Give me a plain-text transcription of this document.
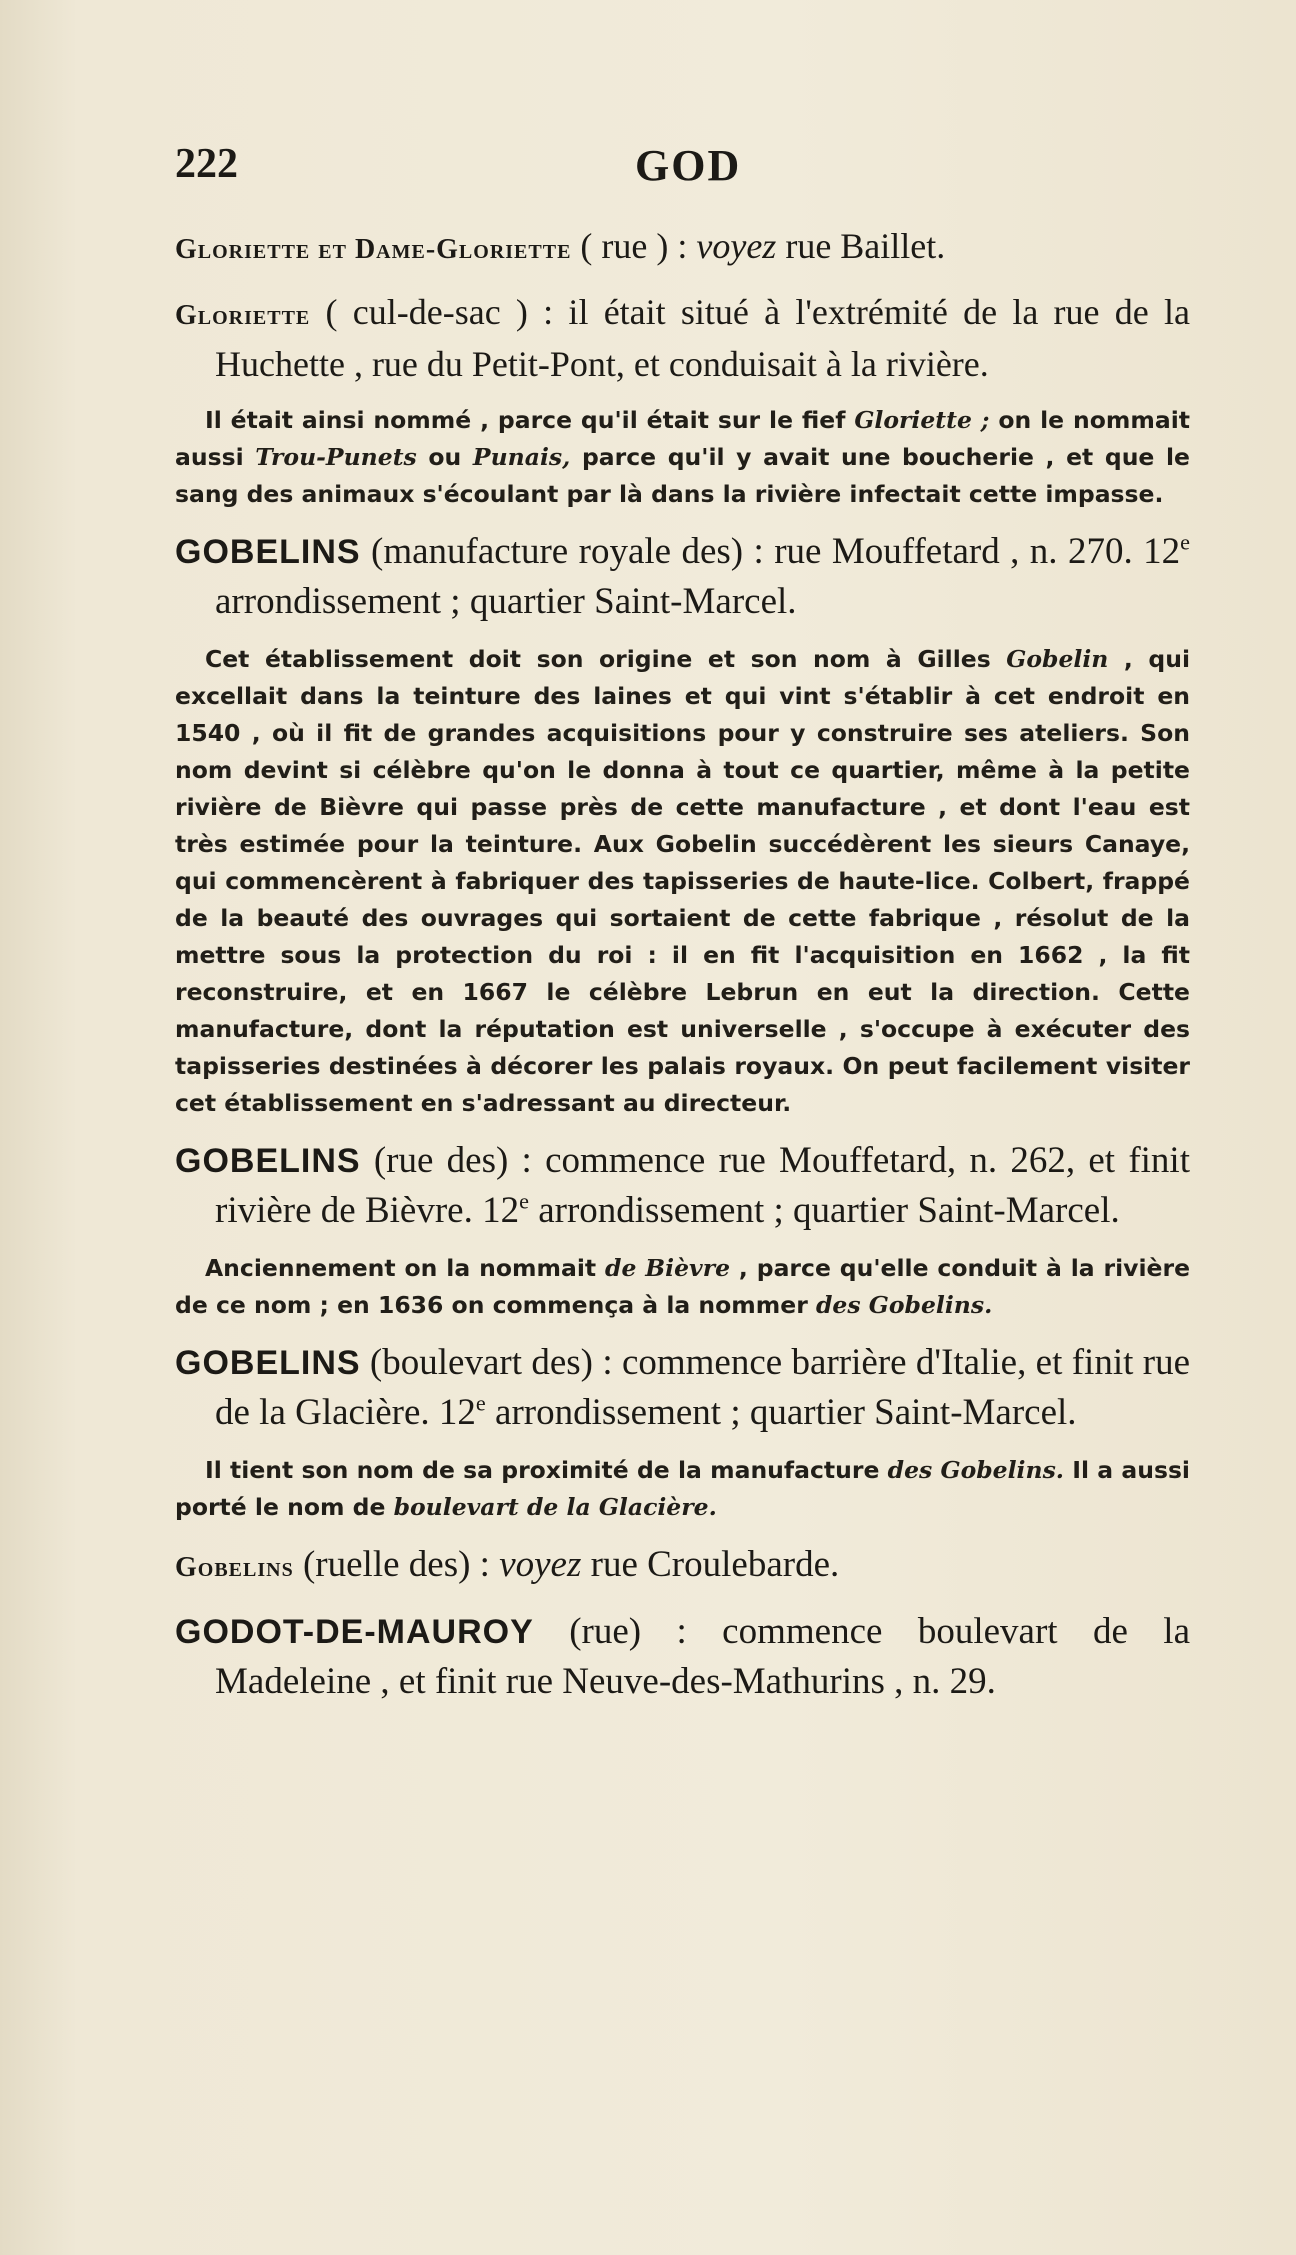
222	GOD
Gloriette et Dame-Gloriette ( rue ) : voyez rue Baillet.
Gloriette ( cul-de-sac ) : il était situé à l'extrémité de la rue de la Huchette , rue du Petit-Pont, et conduisait à la rivière.
Il était ainsi nommé , parce qu'il était sur le fief Gloriette ; on le nommait aussi Trou-Punets ou Punais, parce qu'il y avait une boucherie , et que le sang des animaux s'écoulant par là dans la rivière infectait cette impasse.
GOBELINS (manufacture royale des) : rue Mouffetard , n. 270. 12e arrondissement ; quartier Saint-Marcel.
Cet établissement doit son origine et son nom à Gilles Gobelin , qui excellait dans la teinture des laines et qui vint s'établir à cet endroit en 1540 , où il fit de grandes acquisitions pour y construire ses ateliers. Son nom devint si célèbre qu'on le donna à tout ce quartier, même à la petite rivière de Bièvre qui passe près de cette manufacture , et dont l'eau est très estimée pour la teinture. Aux Gobelin succédèrent les sieurs Canaye, qui commencèrent à fabriquer des tapisseries de haute-lice. Colbert, frappé de la beauté des ouvrages qui sortaient de cette fabrique , résolut de la mettre sous la protection du roi : il en fit l'acquisition en 1662 , la fit reconstruire, et en 1667 le célèbre Lebrun en eut la direction. Cette manufacture, dont la réputation est universelle , s'occupe à exécuter des tapisseries destinées à décorer les palais royaux. On peut facilement visiter cet établissement en s'adressant au directeur.
GOBELINS (rue des) : commence rue Mouffetard, n. 262, et finit rivière de Bièvre. 12e arrondissement ; quartier Saint-Marcel.
Anciennement on la nommait de Bièvre , parce qu'elle conduit à la rivière de ce nom ; en 1636 on commença à la nommer des Gobelins.
GOBELINS (boulevart des) : commence barrière d'Italie, et finit rue de la Glacière. 12e arrondissement ; quartier Saint-Marcel.
Il tient son nom de sa proximité de la manufacture des Gobelins. Il a aussi porté le nom de boulevart de la Glacière.
Gobelins (ruelle des) : voyez rue Croulebarde.
GODOT-DE-MAUROY (rue) : commence boulevart de la Madeleine , et finit rue Neuve-des-Mathurins , n. 29.
